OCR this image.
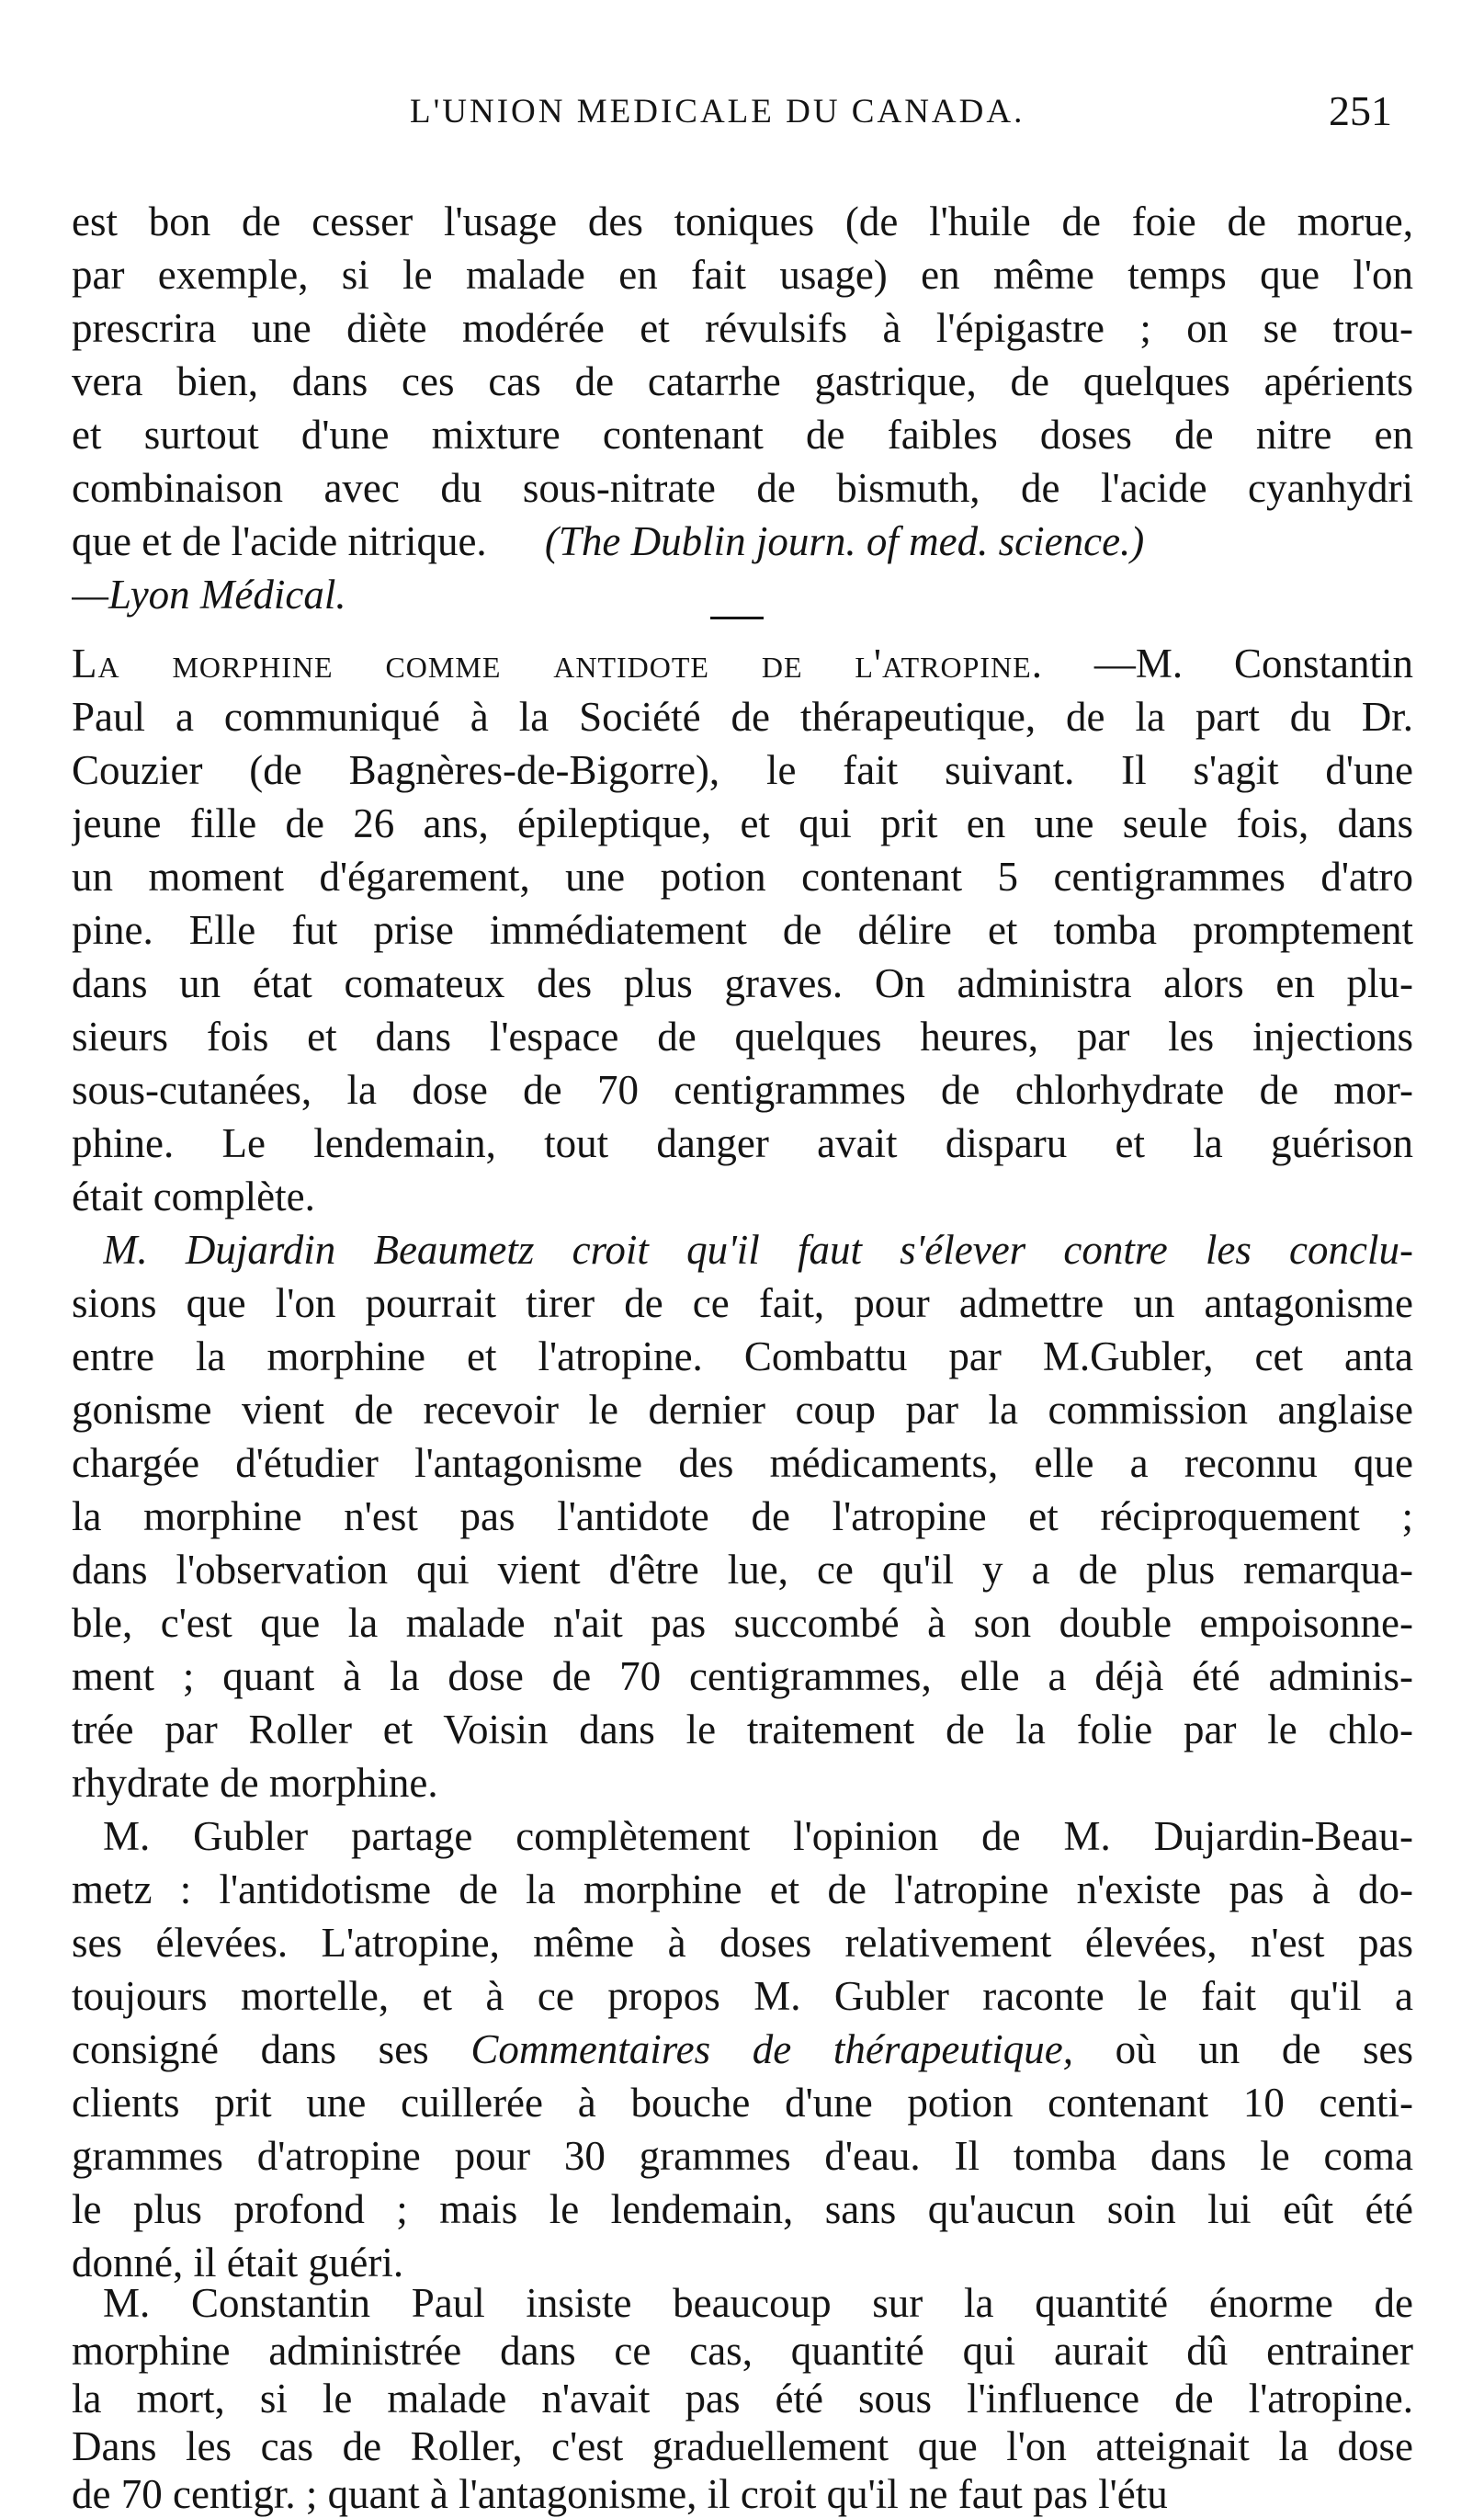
L'UNION MEDICALE DU CANADA.	251
est bon de cesser l'usage des toniques (de l'huile de foie de morue,
par exemple, si le malade en fait usage) en même temps que l'on
prescrira une diète modérée et révulsifs à l'épigastre ; on se trou-
vera bien, dans ces cas de catarrhe gastrique, de quelques apérients
et surtout d'une mixture contenant de faibles doses de nitre en
combinaison avec du sous-nitrate de bismuth, de l'acide cyanhydri
que et de l'acide nitrique. (The Dublin journ. of med. science.)
—Lyon Médical.
La morphine comme antidote de l'atropine. —M. Constantin
Paul a communiqué à la Société de thérapeutique, de la part du Dr.
Couzier (de Bagnères-de-Bigorre), le fait suivant. Il s'agit d'une
jeune fille de 26 ans, épileptique, et qui prit en une seule fois, dans
un moment d'égarement, une potion contenant 5 centigrammes d'atro
pine. Elle fut prise immédiatement de délire et tomba promptement
dans un état comateux des plus graves. On administra alors en plu-
sieurs fois et dans l'espace de quelques heures, par les injections
sous-cutanées, la dose de 70 centigrammes de chlorhydrate de mor-
phine. Le lendemain, tout danger avait disparu et la guérison
était complète.
M. Dujardin Beaumetz croit qu'il faut s'élever contre les conclu-
sions que l'on pourrait tirer de ce fait, pour admettre un antagonisme
entre la morphine et l'atropine. Combattu par M.Gubler, cet anta
gonisme vient de recevoir le dernier coup par la commission anglaise
chargée d'étudier l'antagonisme des médicaments, elle a reconnu que
la morphine n'est pas l'antidote de l'atropine et réciproquement ;
dans l'observation qui vient d'être lue, ce qu'il y a de plus remarqua-
ble, c'est que la malade n'ait pas succombé à son double empoisonne-
ment ; quant à la dose de 70 centigrammes, elle a déjà été adminis-
trée par Roller et Voisin dans le traitement de la folie par le chlo-
rhydrate de morphine.
M. Gubler partage complètement l'opinion de M. Dujardin-Beau-
metz : l'antidotisme de la morphine et de l'atropine n'existe pas à do-
ses élevées. L'atropine, même à doses relativement élevées, n'est pas
toujours mortelle, et à ce propos M. Gubler raconte le fait qu'il a
consigné dans ses Commentaires de thérapeutique, où un de ses
clients prit une cuillerée à bouche d'une potion contenant 10 centi-
grammes d'atropine pour 30 grammes d'eau. Il tomba dans le coma
le plus profond ; mais le lendemain, sans qu'aucun soin lui eût été
donné, il était guéri.
M. Constantin Paul insiste beaucoup sur la quantité énorme de
morphine administrée dans ce cas, quantité qui aurait dû entrainer
la mort, si le malade n'avait pas été sous l'influence de l'atropine.
Dans les cas de Roller, c'est graduellement que l'on atteignait la dose
de 70 centigr. ; quant à l'antagonisme, il croit qu'il ne faut pas l'étu
